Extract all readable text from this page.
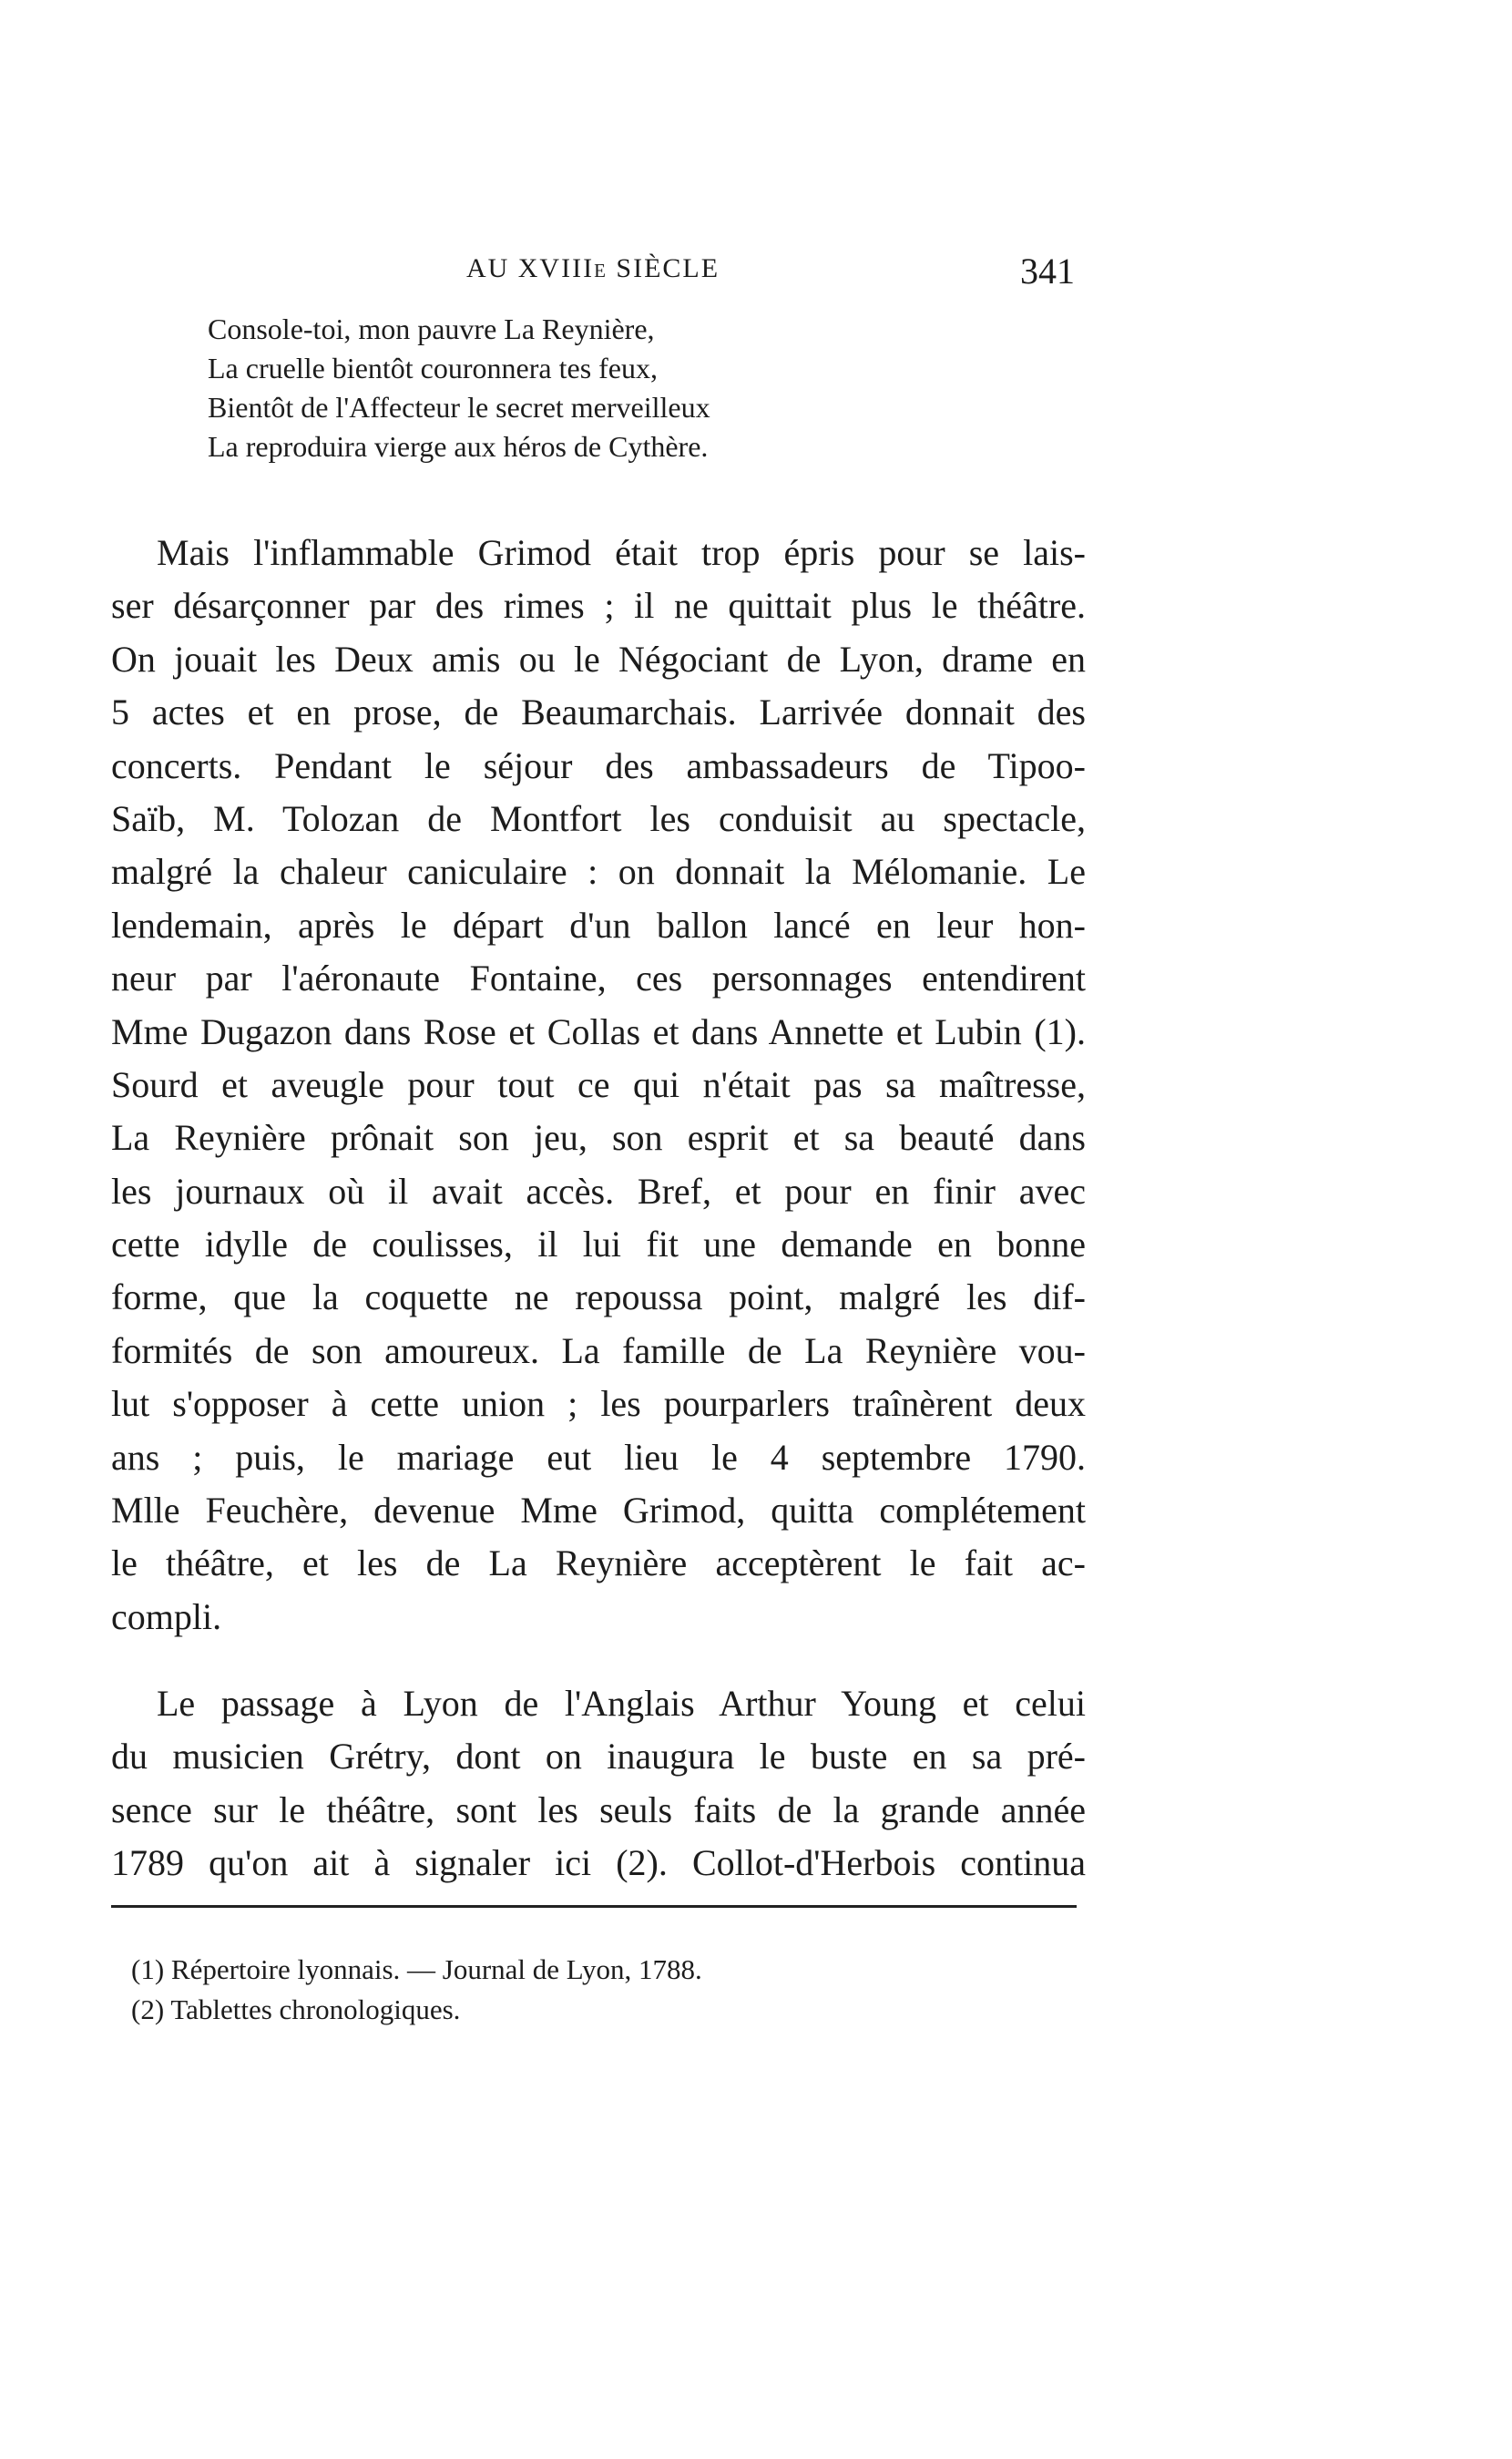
AU XVIIIe SIÈCLE	341
Console-toi, mon pauvre La Reynière,
La cruelle bientôt couronnera tes feux,
Bientôt de l'Affecteur le secret merveilleux
La reproduira vierge aux héros de Cythère.
Mais l'inflammable Grimod était trop épris pour se lais-
ser désarçonner par des rimes ; il ne quittait plus le théâtre.
On jouait les Deux amis ou le Négociant de Lyon, drame en
5 actes et en prose, de Beaumarchais. Larrivée donnait des
concerts. Pendant le séjour des ambassadeurs de Tipoo-
Saïb, M. Tolozan de Montfort les conduisit au spectacle,
malgré la chaleur caniculaire : on donnait la Mélomanie. Le
lendemain, après le départ d'un ballon lancé en leur hon-
neur par l'aéronaute Fontaine, ces personnages entendirent
Mme Dugazon dans Rose et Collas et dans Annette et Lubin (1).
Sourd et aveugle pour tout ce qui n'était pas sa maîtresse,
La Reynière prônait son jeu, son esprit et sa beauté dans
les journaux où il avait accès. Bref, et pour en finir avec
cette idylle de coulisses, il lui fit une demande en bonne
forme, que la coquette ne repoussa point, malgré les dif-
formités de son amoureux. La famille de La Reynière vou-
lut s'opposer à cette union ; les pourparlers traînèrent deux
ans ; puis, le mariage eut lieu le 4 septembre 1790.
Mlle Feuchère, devenue Mme Grimod, quitta complétement
le théâtre, et les de La Reynière acceptèrent le fait ac-
compli.
Le passage à Lyon de l'Anglais Arthur Young et celui
du musicien Grétry, dont on inaugura le buste en sa pré-
sence sur le théâtre, sont les seuls faits de la grande année
1789 qu'on ait à signaler ici (2). Collot-d'Herbois continua
(1) Répertoire lyonnais. — Journal de Lyon, 1788.
(2) Tablettes chronologiques.
